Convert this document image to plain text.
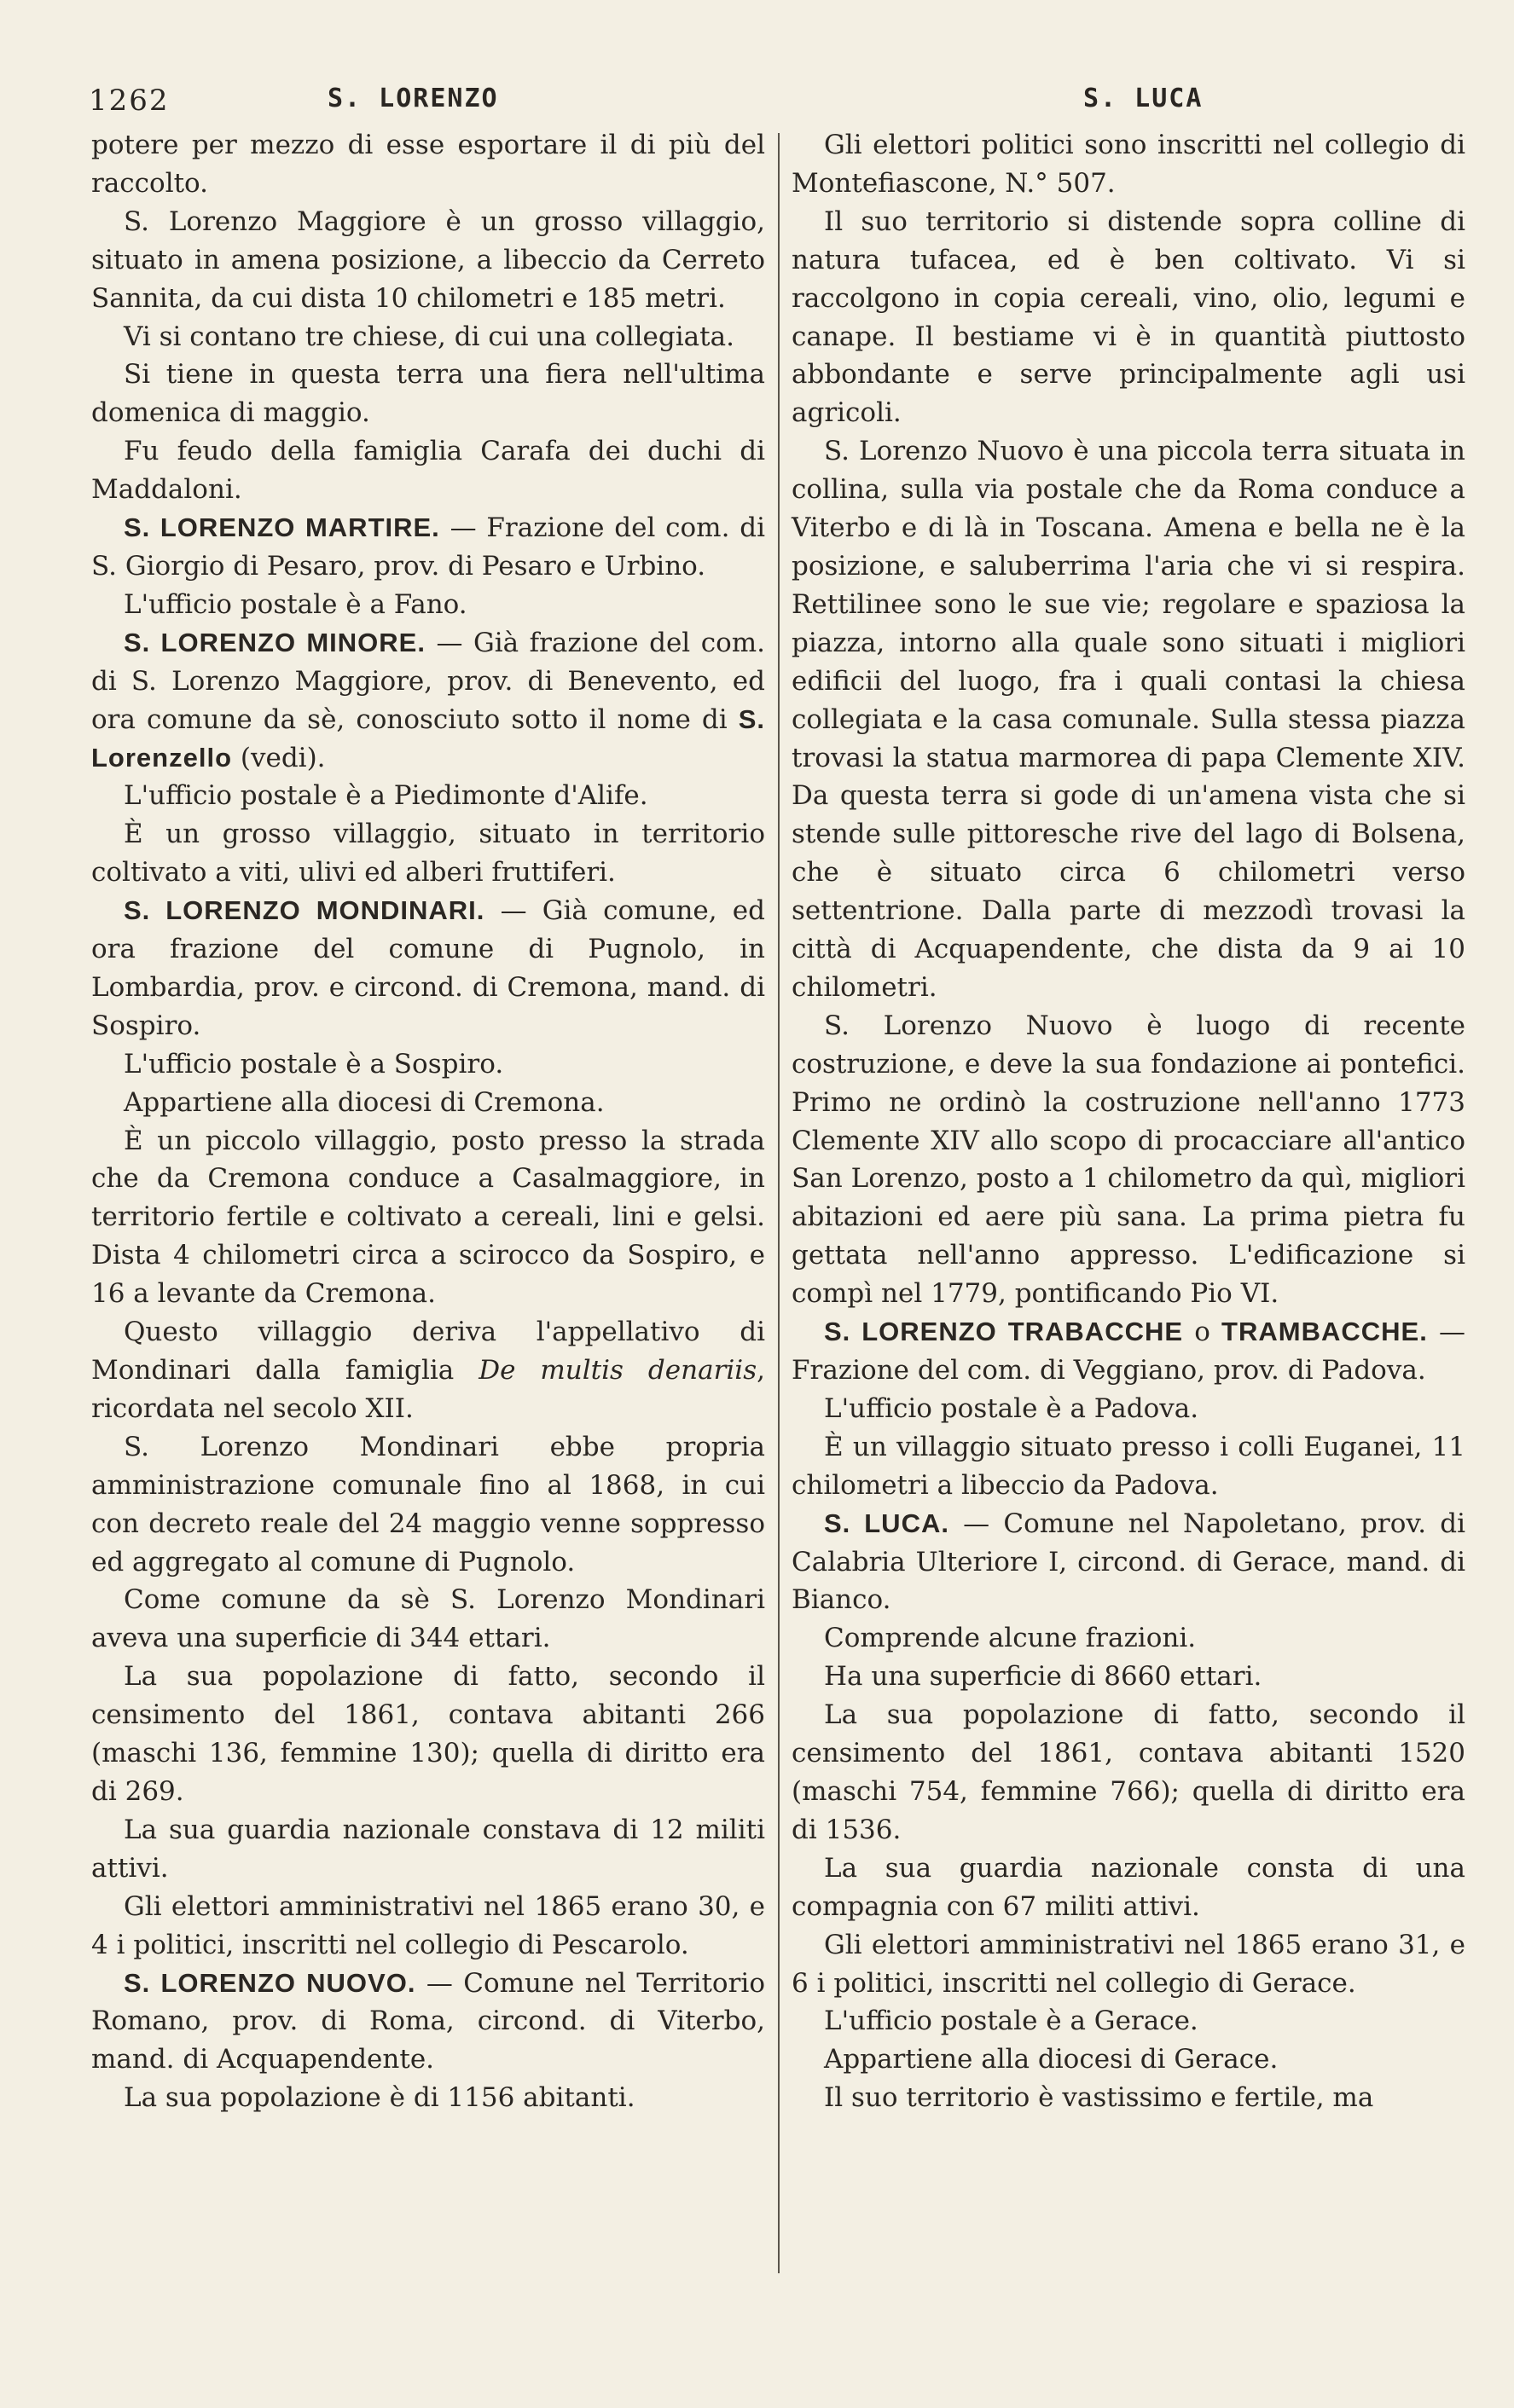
1262	S. LORENZO	S. LUCA

potere per mezzo di esse esportare il di più del raccolto.

S. Lorenzo Maggiore è un grosso villaggio, situato in amena posizione, a libeccio da Cerreto Sannita, da cui dista 10 chilometri e 185 metri.

Vi si contano tre chiese, di cui una collegiata.

Si tiene in questa terra una fiera nell'ultima domenica di maggio.

Fu feudo della famiglia Carafa dei duchi di Maddaloni.

S. LORENZO MARTIRE. — Frazione del com. di S. Giorgio di Pesaro, prov. di Pesaro e Urbino.

L'ufficio postale è a Fano.

S. LORENZO MINORE. — Già frazione del com. di S. Lorenzo Maggiore, prov. di Benevento, ed ora comune da sè, conosciuto sotto il nome di S. Lorenzello (vedi).

L'ufficio postale è a Piedimonte d'Alife.

È un grosso villaggio, situato in territorio coltivato a viti, ulivi ed alberi fruttiferi.

S. LORENZO MONDINARI. — Già comune, ed ora frazione del comune di Pugnolo, in Lombardia, prov. e circond. di Cremona, mand. di Sospiro.

L'ufficio postale è a Sospiro.

Appartiene alla diocesi di Cremona.

È un piccolo villaggio, posto presso la strada che da Cremona conduce a Casalmaggiore, in territorio fertile e coltivato a cereali, lini e gelsi. Dista 4 chilometri circa a scirocco da Sospiro, e 16 a levante da Cremona.

Questo villaggio deriva l'appellativo di Mondinari dalla famiglia De multis denariis, ricordata nel secolo XII.

S. Lorenzo Mondinari ebbe propria amministrazione comunale fino al 1868, in cui con decreto reale del 24 maggio venne soppresso ed aggregato al comune di Pugnolo.

Come comune da sè S. Lorenzo Mondinari aveva una superficie di 344 ettari.

La sua popolazione di fatto, secondo il censimento del 1861, contava abitanti 266 (maschi 136, femmine 130); quella di diritto era di 269.

La sua guardia nazionale constava di 12 militi attivi.

Gli elettori amministrativi nel 1865 erano 30, e 4 i politici, inscritti nel collegio di Pescarolo.

S. LORENZO NUOVO. — Comune nel Territorio Romano, prov. di Roma, circond. di Viterbo, mand. di Acquapendente.

La sua popolazione è di 1156 abitanti.

Gli elettori politici sono inscritti nel collegio di Montefiascone, N.° 507.

Il suo territorio si distende sopra colline di natura tufacea, ed è ben coltivato. Vi si raccolgono in copia cereali, vino, olio, legumi e canape. Il bestiame vi è in quantità piuttosto abbondante e serve principalmente agli usi agricoli.

S. Lorenzo Nuovo è una piccola terra situata in collina, sulla via postale che da Roma conduce a Viterbo e di là in Toscana. Amena e bella ne è la posizione, e saluberrima l'aria che vi si respira. Rettilinee sono le sue vie; regolare e spaziosa la piazza, intorno alla quale sono situati i migliori edificii del luogo, fra i quali contasi la chiesa collegiata e la casa comunale. Sulla stessa piazza trovasi la statua marmorea di papa Clemente XIV. Da questa terra si gode di un'amena vista che si stende sulle pittoresche rive del lago di Bolsena, che è situato circa 6 chilometri verso settentrione. Dalla parte di mezzodì trovasi la città di Acquapendente, che dista da 9 ai 10 chilometri.

S. Lorenzo Nuovo è luogo di recente costruzione, e deve la sua fondazione ai pontefici. Primo ne ordinò la costruzione nell'anno 1773 Clemente XIV allo scopo di procacciare all'antico San Lorenzo, posto a 1 chilometro da quì, migliori abitazioni ed aere più sana. La prima pietra fu gettata nell'anno appresso. L'edificazione si compì nel 1779, pontificando Pio VI.

S. LORENZO TRABACCHE o TRAMBACCHE. — Frazione del com. di Veggiano, prov. di Padova.

L'ufficio postale è a Padova.

È un villaggio situato presso i colli Euganei, 11 chilometri a libeccio da Padova.

S. LUCA. — Comune nel Napoletano, prov. di Calabria Ulteriore I, circond. di Gerace, mand. di Bianco.

Comprende alcune frazioni.

Ha una superficie di 8660 ettari.

La sua popolazione di fatto, secondo il censimento del 1861, contava abitanti 1520 (maschi 754, femmine 766); quella di diritto era di 1536.

La sua guardia nazionale consta di una compagnia con 67 militi attivi.

Gli elettori amministrativi nel 1865 erano 31, e 6 i politici, inscritti nel collegio di Gerace.

L'ufficio postale è a Gerace.

Appartiene alla diocesi di Gerace.

Il suo territorio è vastissimo e fertile, ma
